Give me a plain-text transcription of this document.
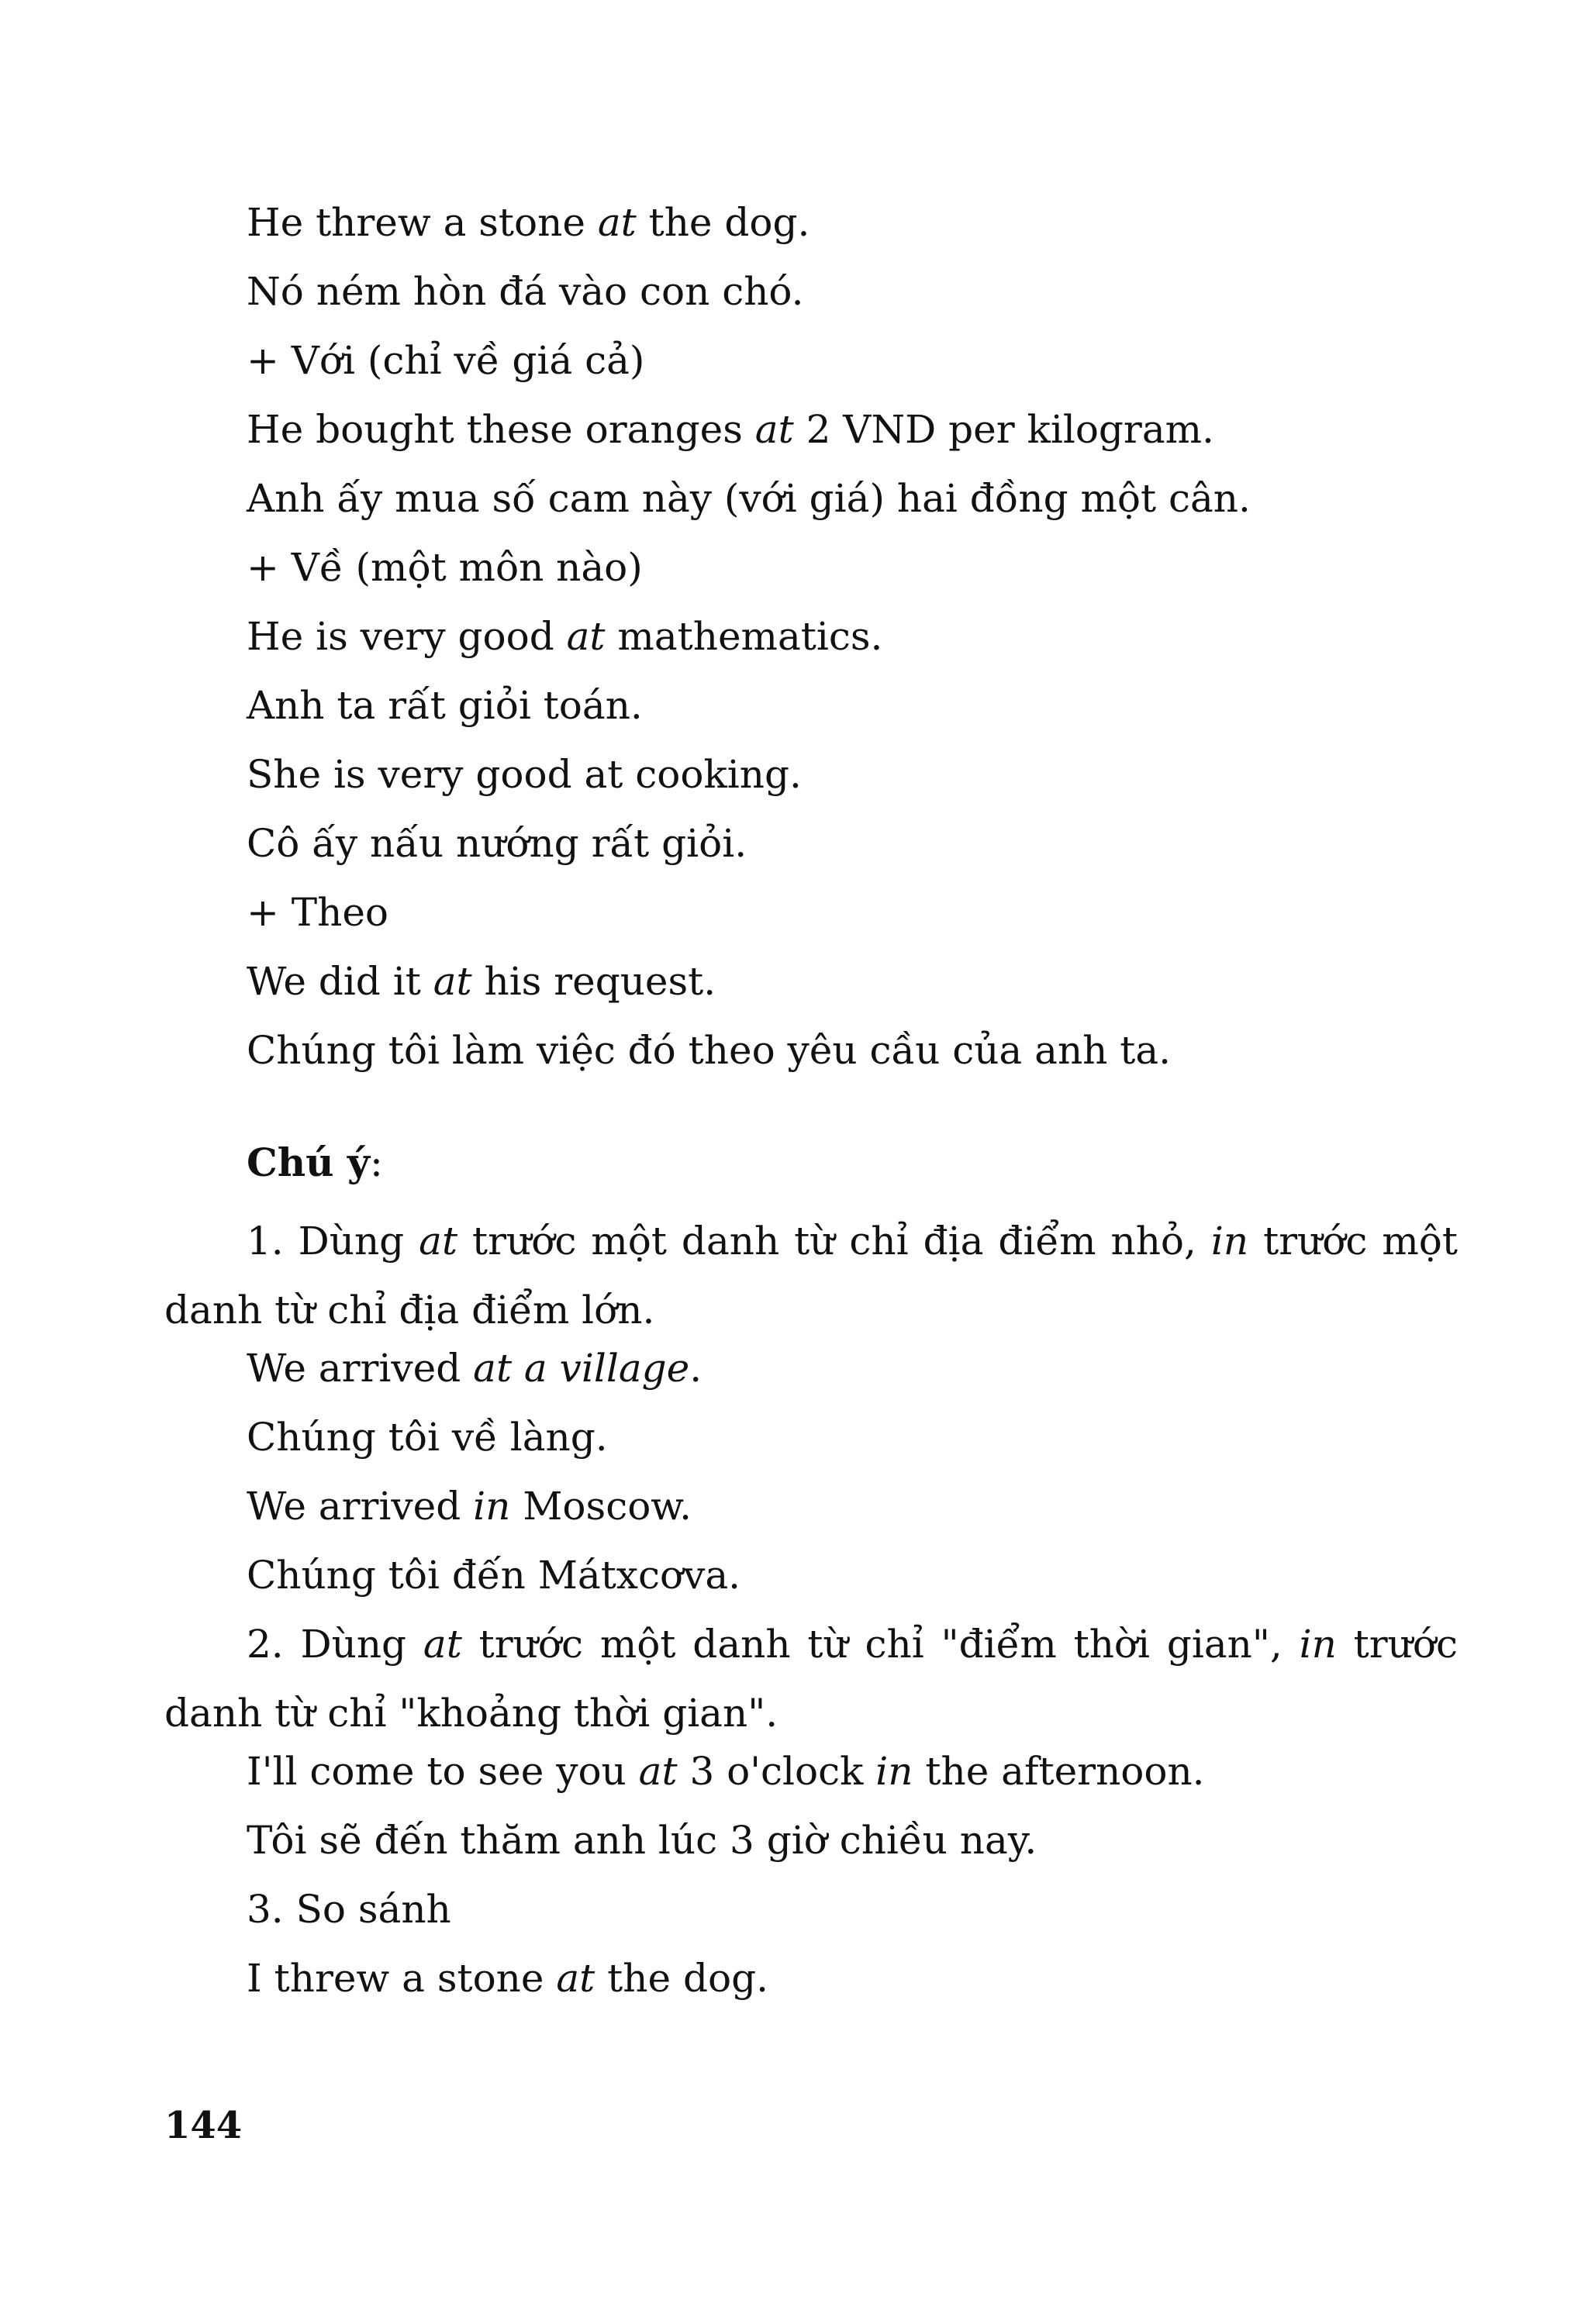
He threw a stone at the dog.
Nó ném hòn đá vào con chó.
+ Với (chỉ về giá cả)
He bought these oranges at 2 VND per kilogram.
Anh ấy mua số cam này (với giá) hai đồng một cân.
+ Về (một môn nào)
He is very good at mathematics.
Anh ta rất giỏi toán.
She is very good at cooking.
Cô ấy nấu nướng rất giỏi.
+ Theo
We did it at his request.
Chúng tôi làm việc đó theo yêu cầu của anh ta.
Chú ý:
1. Dùng at trước một danh từ chỉ địa điểm nhỏ, in trước một danh từ chỉ địa điểm lớn.
We arrived at a village.
Chúng tôi về làng.
We arrived in Moscow.
Chúng tôi đến Mátxcơva.
2. Dùng at trước một danh từ chỉ "điểm thời gian", in trước danh từ chỉ "khoảng thời gian".
I'll come to see you at 3 o'clock in the afternoon.
Tôi sẽ đến thăm anh lúc 3 giờ chiều nay.
3. So sánh
I threw a stone at the dog.
144
